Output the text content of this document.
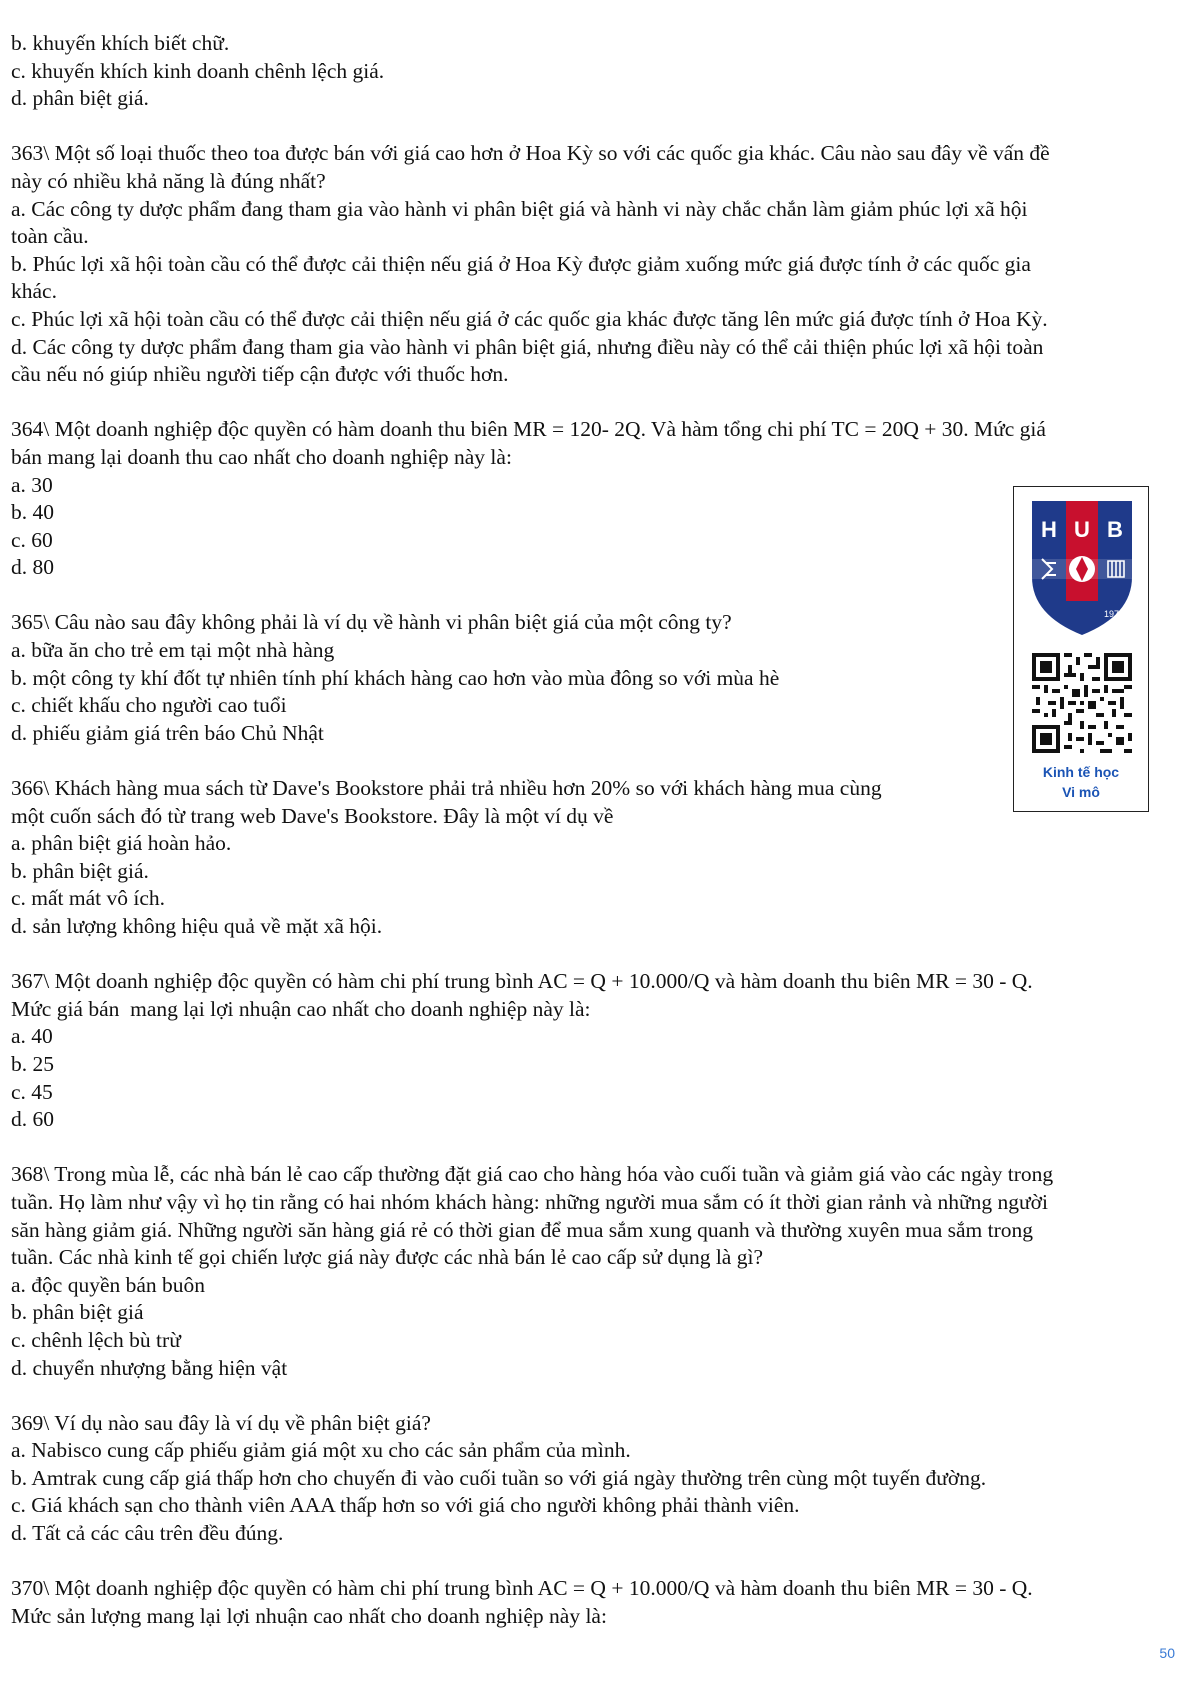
b. khuyến khích biết chữ.
c. khuyến khích kinh doanh chênh lệch giá.
d. phân biệt giá.
363\ Một số loại thuốc theo toa được bán với giá cao hơn ở Hoa Kỳ so với các quốc gia khác. Câu nào sau đây về vấn đề
này có nhiều khả năng là đúng nhất?
a. Các công ty dược phẩm đang tham gia vào hành vi phân biệt giá và hành vi này chắc chắn làm giảm phúc lợi xã hội
toàn cầu.
b. Phúc lợi xã hội toàn cầu có thể được cải thiện nếu giá ở Hoa Kỳ được giảm xuống mức giá được tính ở các quốc gia
khác.
c. Phúc lợi xã hội toàn cầu có thể được cải thiện nếu giá ở các quốc gia khác được tăng lên mức giá được tính ở Hoa Kỳ.
d. Các công ty dược phẩm đang tham gia vào hành vi phân biệt giá, nhưng điều này có thể cải thiện phúc lợi xã hội toàn
cầu nếu nó giúp nhiều người tiếp cận được với thuốc hơn.
364\ Một doanh nghiệp độc quyền có hàm doanh thu biên MR = 120- 2Q. Và hàm tổng chi phí TC = 20Q + 30. Mức giá
bán mang lại doanh thu cao nhất cho doanh nghiệp này là:
a. 30
b. 40
c. 60
d. 80
365\ Câu nào sau đây không phải là ví dụ về hành vi phân biệt giá của một công ty?
a. bữa ăn cho trẻ em tại một nhà hàng
b. một công ty khí đốt tự nhiên tính phí khách hàng cao hơn vào mùa đông so với mùa hè
c. chiết khấu cho người cao tuổi
d. phiếu giảm giá trên báo Chủ Nhật
366\ Khách hàng mua sách từ Dave's Bookstore phải trả nhiều hơn 20% so với khách hàng mua cùng
một cuốn sách đó từ trang web Dave's Bookstore. Đây là một ví dụ về
a. phân biệt giá hoàn hảo.
b. phân biệt giá.
c. mất mát vô ích.
d. sản lượng không hiệu quả về mặt xã hội.
367\ Một doanh nghiệp độc quyền có hàm chi phí trung bình AC = Q + 10.000/Q và hàm doanh thu biên MR = 30 - Q.
Mức giá bán  mang lại lợi nhuận cao nhất cho doanh nghiệp này là:
a. 40
b. 25
c. 45
d. 60
368\ Trong mùa lễ, các nhà bán lẻ cao cấp thường đặt giá cao cho hàng hóa vào cuối tuần và giảm giá vào các ngày trong
tuần. Họ làm như vậy vì họ tin rằng có hai nhóm khách hàng: những người mua sắm có ít thời gian rảnh và những người
săn hàng giảm giá. Những người săn hàng giá rẻ có thời gian để mua sắm xung quanh và thường xuyên mua sắm trong
tuần. Các nhà kinh tế gọi chiến lược giá này được các nhà bán lẻ cao cấp sử dụng là gì?
a. độc quyền bán buôn
b. phân biệt giá
c. chênh lệch bù trừ
d. chuyển nhượng bằng hiện vật
369\ Ví dụ nào sau đây là ví dụ về phân biệt giá?
a. Nabisco cung cấp phiếu giảm giá một xu cho các sản phẩm của mình.
b. Amtrak cung cấp giá thấp hơn cho chuyến đi vào cuối tuần so với giá ngày thường trên cùng một tuyến đường.
c. Giá khách sạn cho thành viên AAA thấp hơn so với giá cho người không phải thành viên.
d. Tất cả các câu trên đều đúng.
370\ Một doanh nghiệp độc quyền có hàm chi phí trung bình AC = Q + 10.000/Q và hàm doanh thu biên MR = 30 - Q.
Mức sản lượng mang lại lợi nhuận cao nhất cho doanh nghiệp này là:
H U B
1976
Kinh tế học
Vi mô
50
